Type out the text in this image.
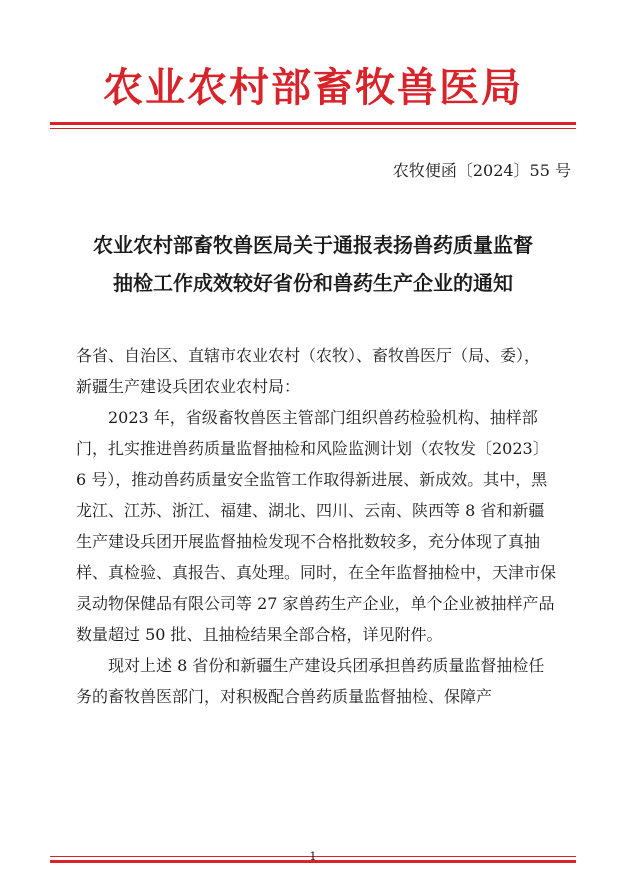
农业农村部畜牧兽医局
农牧便函〔2024〕55 号
农业农村部畜牧兽医局关于通报表扬兽药质量监督
抽检工作成效较好省份和兽药生产企业的通知

各省、自治区、直辖市农业农村（农牧）、畜牧兽医厅（局、委），

新疆生产建设兵团农业农村局：

2023 年，省级畜牧兽医主管部门组织兽药检验机构、抽样部门，扎实推进兽药质量监督抽检和风险监测计划（农牧发〔2023〕6 号），推动兽药质量安全监管工作取得新进展、新成效。其中，黑龙江、江苏、浙江、福建、湖北、四川、云南、陕西等 8 省和新疆生产建设兵团开展监督抽检发现不合格批数较多，充分体现了真抽样、真检验、真报告、真处理。同时，在全年监督抽检中，天津市保灵动物保健品有限公司等 27 家兽药生产企业，单个企业被抽样产品数量超过 50 批、且抽检结果全部合格，详见附件。

现对上述 8 省份和新疆生产建设兵团承担兽药质量监督抽检任务的畜牧兽医部门，对积极配合兽药质量监督抽检、保障产

1
